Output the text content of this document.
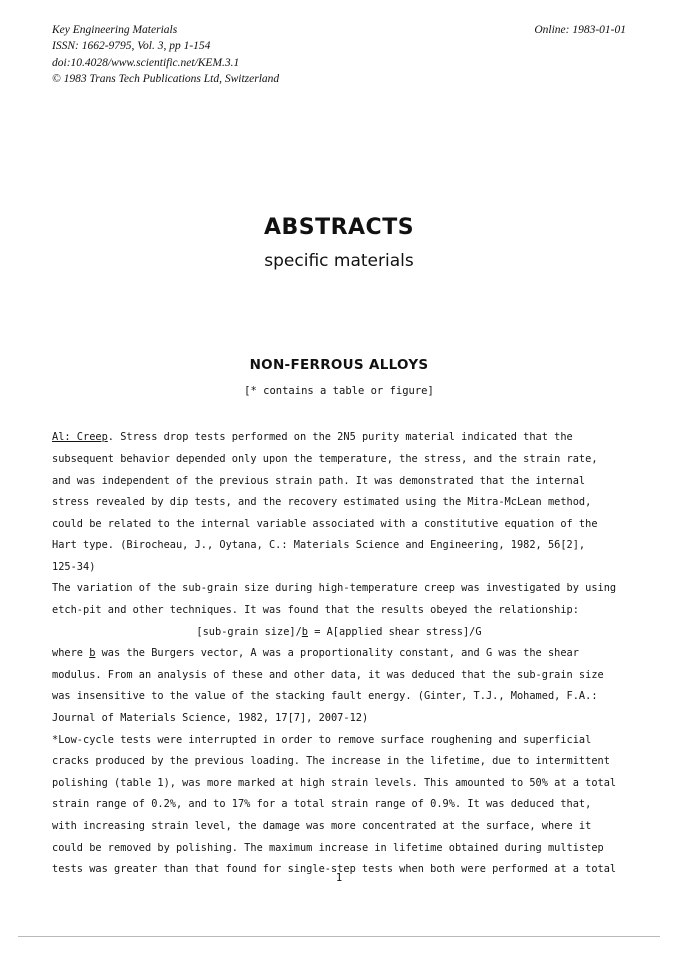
Key Engineering Materials
ISSN: 1662-9795, Vol. 3, pp 1-154
doi:10.4028/www.scientific.net/KEM.3.1
© 1983 Trans Tech Publications Ltd, Switzerland
Online: 1983-01-01
ABSTRACTS
specific materials
NON-FERROUS ALLOYS
[* contains a table or figure]

Al: Creep. Stress drop tests performed on the 2N5 purity material indicated that the
subsequent behavior depended only upon the temperature, the stress, and the strain rate,
and was independent of the previous strain path. It was demonstrated that the internal
stress revealed by dip tests, and the recovery estimated using the Mitra-McLean method,
could be related to the internal variable associated with a constitutive equation of the
Hart type. (Birocheau, J., Oytana, C.: Materials Science and Engineering, 1982, 56[2],
125-34)

The variation of the sub-grain size during high-temperature creep was investigated by using
etch-pit and other techniques. It was found that the results obeyed the relationship:
[sub-grain size]/b = A[applied shear stress]/G
where b was the Burgers vector, A was a proportionality constant, and G was the shear
modulus. From an analysis of these and other data, it was deduced that the sub-grain size
was insensitive to the value of the stacking fault energy. (Ginter, T.J., Mohamed, F.A.:
Journal of Materials Science, 1982, 17[7], 2007-12)

*Low-cycle tests were interrupted in order to remove surface roughening and superficial
cracks produced by the previous loading. The increase in the lifetime, due to intermittent
polishing (table 1), was more marked at high strain levels. This amounted to 50% at a total
strain range of 0.2%, and to 17% for a total strain range of 0.9%. It was deduced that,
with increasing strain level, the damage was more concentrated at the surface, where it
could be removed by polishing. The maximum increase in lifetime obtained during multistep
tests was greater than that found for single-step tests when both were performed at a total

1
